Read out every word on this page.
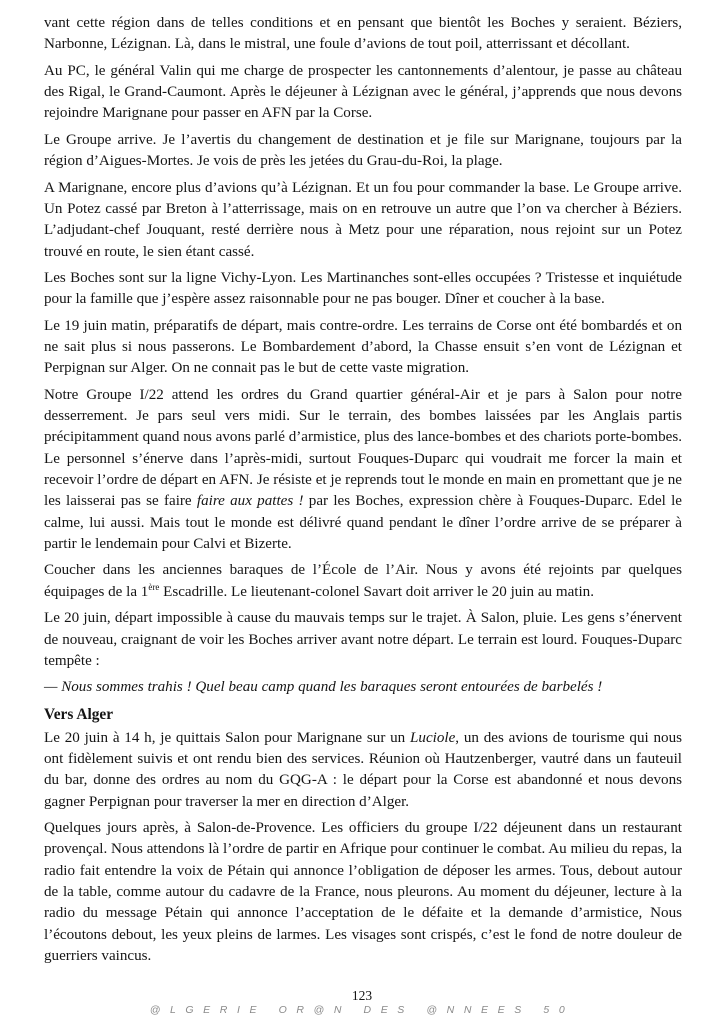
vant cette région dans de telles conditions et en pensant que bientôt les Boches y seraient. Béziers, Narbonne, Lézignan. Là, dans le mistral, une foule d’avions de tout poil, atterrissant et décollant.

Au PC, le général Valin qui me charge de prospecter les cantonnements d’alentour, je passe au château des Rigal, le Grand-Caumont. Après le déjeuner à Lézignan avec le général, j’apprends que nous devons rejoindre Marignane pour passer en AFN par la Corse.

Le Groupe arrive. Je l’avertis du changement de destination et je file sur Marignane, toujours par la région d’Aigues-Mortes. Je vois de près les jetées du Grau-du-Roi, la plage.

A Marignane, encore plus d’avions qu’à Lézignan. Et un fou pour commander la base. Le Groupe arrive. Un Potez cassé par Breton à l’atterrissage, mais on en retrouve un autre que l’on va chercher à Béziers. L’adjudant-chef Jouquant, resté derrière nous à Metz pour une réparation, nous rejoint sur un Potez trouvé en route, le sien étant cassé.

Les Boches sont sur la ligne Vichy-Lyon. Les Martinanches sont-elles occupées ? Tristesse et inquiétude pour la famille que j’espère assez raisonnable pour ne pas bouger. Dîner et coucher à la base.

Le 19 juin matin, préparatifs de départ, mais contre-ordre. Les terrains de Corse ont été bombardés et on ne sait plus si nous passerons. Le Bombardement d’abord, la Chasse ensuit s’en vont de Lézignan et Perpignan sur Alger. On ne connait pas le but de cette vaste migration.

Notre Groupe I/22 attend les ordres du Grand quartier général-Air et je pars à Salon pour notre desserrement. Je pars seul vers midi. Sur le terrain, des bombes laissées par les Anglais partis précipitamment quand nous avons parlé d’armistice, plus des lance-bombes et des chariots porte-bombes. Le personnel s’énerve dans l’après-midi, surtout Fouques-Duparc qui voudrait me forcer la main et recevoir l’ordre de départ en AFN. Je résiste et je reprends tout le monde en main en promettant que je ne les laisserai pas se faire faire aux pattes ! par les Boches, expression chère à Fouques-Duparc. Edel le calme, lui aussi. Mais tout le monde est délivré quand pendant le dîner l’ordre arrive de se préparer à partir le lendemain pour Calvi et Bizerte.

Coucher dans les anciennes baraques de l’École de l’Air. Nous y avons été rejoints par quelques équipages de la 1ère Escadrille. Le lieutenant-colonel Savart doit arriver le 20 juin au matin.

Le 20 juin, départ impossible à cause du mauvais temps sur le trajet. À Salon, pluie. Les gens s’énervent de nouveau, craignant de voir les Boches arriver avant notre départ. Le terrain est lourd. Fouques-Duparc tempête :

— Nous sommes trahis ! Quel beau camp quand les baraques seront entourées de barbelés !

Vers Alger

Le 20 juin à 14 h, je quittais Salon pour Marignane sur un Luciole, un des avions de tourisme qui nous ont fidèlement suivis et ont rendu bien des services. Réunion où Hautzenberger, vautré dans un fauteuil du bar, donne des ordres au nom du GQG-A : le départ pour la Corse est abandonné et nous devons gagner Perpignan pour traverser la mer en direction d’Alger.

Quelques jours après, à Salon-de-Provence. Les officiers du groupe I/22 déjeunent dans un restaurant provençal. Nous attendons là l’ordre de partir en Afrique pour continuer le combat. Au milieu du repas, la radio fait entendre la voix de Pétain qui annonce l’obligation de déposer les armes. Tous, debout autour de la table, comme autour du cadavre de la France, nous pleurons. Au moment du déjeuner, lecture à la radio du message Pétain qui annonce l’acceptation de le défaite et la demande d’armistice, Nous l’écoutons debout, les yeux pleins de larmes. Les visages sont crispés, c’est le fond de notre douleur de guerriers vaincus.

123
@LGERIE OR@N DES @NNEES 50
